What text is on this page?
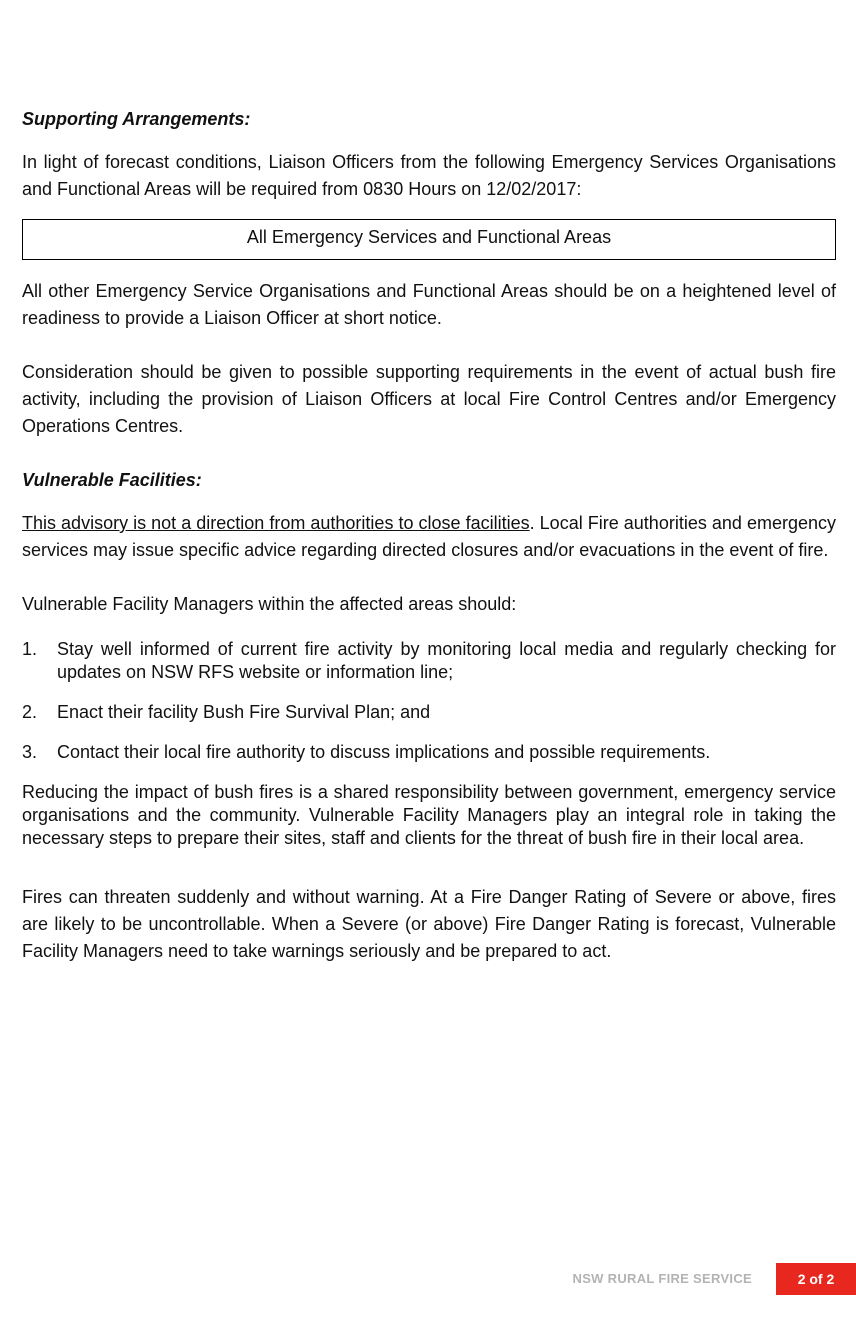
Supporting Arrangements:

In light of forecast conditions, Liaison Officers from the following Emergency Services Organisations and Functional Areas will be required from 0830 Hours on 12/02/2017:

All Emergency Services and Functional Areas

All other Emergency Service Organisations and Functional Areas should be on a heightened level of readiness to provide a Liaison Officer at short notice.

Consideration should be given to possible supporting requirements in the event of actual bush fire activity, including the provision of Liaison Officers at local Fire Control Centres and/or Emergency Operations Centres.

Vulnerable Facilities:

This advisory is not a direction from authorities to close facilities. Local Fire authorities and emergency services may issue specific advice regarding directed closures and/or evacuations in the event of fire.

Vulnerable Facility Managers within the affected areas should:

1.	Stay well informed of current fire activity by monitoring local media and regularly checking for updates on NSW RFS website or information line;
2.	Enact their facility Bush Fire Survival Plan; and
3.	Contact their local fire authority to discuss implications and possible requirements.

Reducing the impact of bush fires is a shared responsibility between government, emergency service organisations and the community. Vulnerable Facility Managers play an integral role in taking the necessary steps to prepare their sites, staff and clients for the threat of bush fire in their local area.

Fires can threaten suddenly and without warning. At a Fire Danger Rating of Severe or above, fires are likely to be uncontrollable. When a Severe (or above) Fire Danger Rating is forecast, Vulnerable Facility Managers need to take warnings seriously and be prepared to act.

NSW RURAL FIRE SERVICE	2 of 2
